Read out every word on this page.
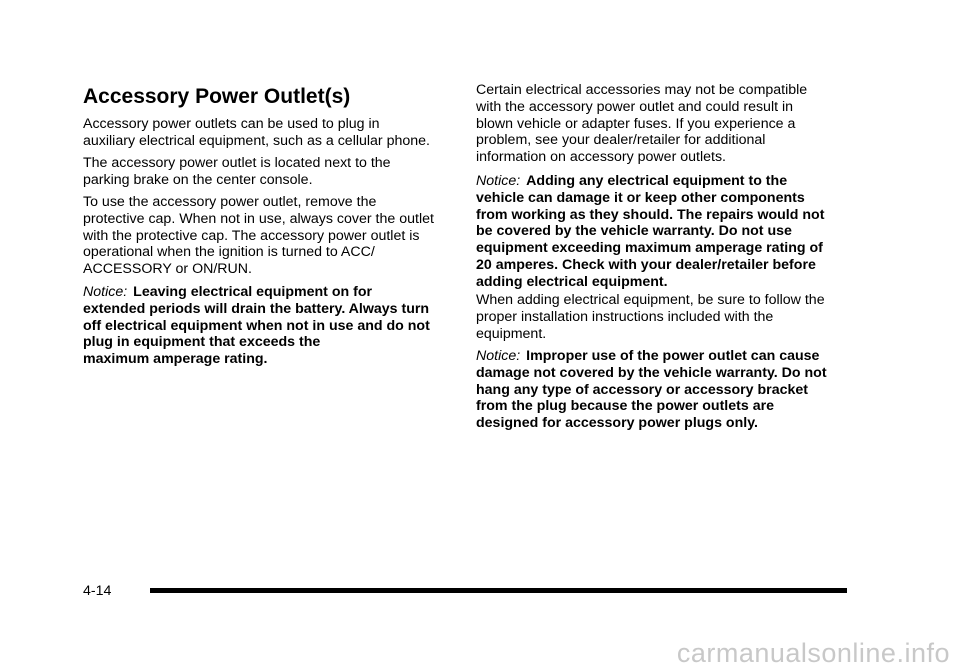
Accessory Power Outlet(s)

Accessory power outlets can be used to plug in
auxiliary electrical equipment, such as a cellular phone.

The accessory power outlet is located next to the
parking brake on the center console.

To use the accessory power outlet, remove the
protective cap. When not in use, always cover the outlet
with the protective cap. The accessory power outlet is
operational when the ignition is turned to ACC/
ACCESSORY or ON/RUN.

Notice: Leaving electrical equipment on for
extended periods will drain the battery. Always turn
off electrical equipment when not in use and do not
plug in equipment that exceeds the
maximum amperage rating.

Certain electrical accessories may not be compatible
with the accessory power outlet and could result in
blown vehicle or adapter fuses. If you experience a
problem, see your dealer/retailer for additional
information on accessory power outlets.

Notice: Adding any electrical equipment to the
vehicle can damage it or keep other components
from working as they should. The repairs would not
be covered by the vehicle warranty. Do not use
equipment exceeding maximum amperage rating of
20 amperes. Check with your dealer/retailer before
adding electrical equipment.

When adding electrical equipment, be sure to follow the
proper installation instructions included with the
equipment.

Notice: Improper use of the power outlet can cause
damage not covered by the vehicle warranty. Do not
hang any type of accessory or accessory bracket
from the plug because the power outlets are
designed for accessory power plugs only.

4-14
carmanualsonline.info
